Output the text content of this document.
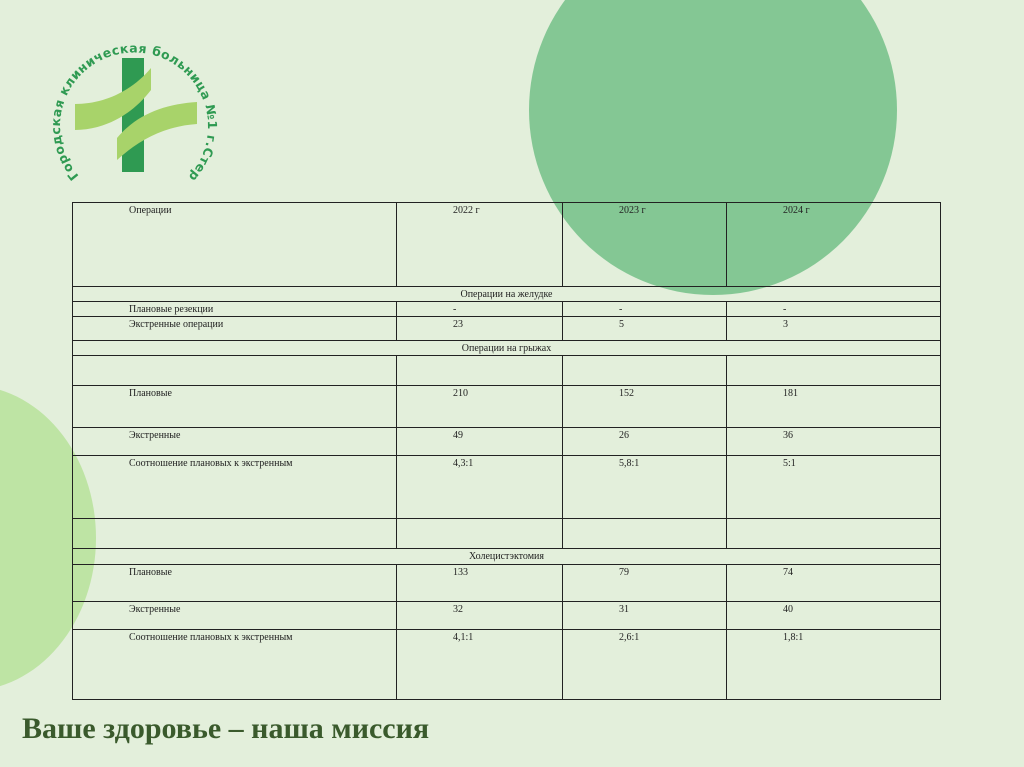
Городская клиническая больница №1 г.Стер
Операции	2022 г	2023 г	2024 г
Операции на желудке			
Плановые резекции	-	-	-
Экстренные операции	23	5	3
Операции на грыжах			

Плановые	210	152	181
Экстренные	49	26	36
Соотношение плановых к экстренным	4,3:1	5,8:1	5:1

Холецистэктомия			
Плановые	133	79	74
Экстренные	32	31	40
Соотношение плановых к экстренным	4,1:1	2,6:1	1,8:1

Ваше здоровье – наша миссия
